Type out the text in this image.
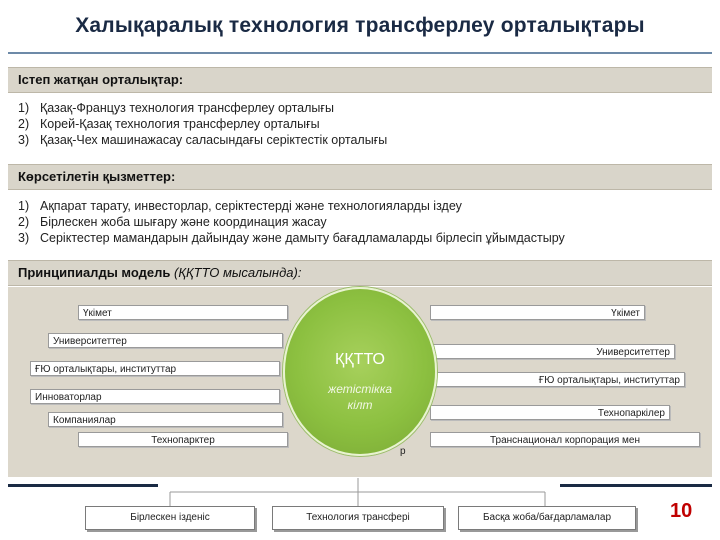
Халықаралық технология трансферлеу орталықтары
Істеп жатқан орталықтар:
1) Қазақ-Француз технология трансферлеу орталығы
2) Корей-Қазақ технология трансферлеу орталығы
3) Қазақ-Чех машинажасау саласындағы серіктестік орталығы
Көрсетілетін қызметтер:
1) Ақпарат тарату, инвесторлар, серіктестерді және технологияларды іздеу
2) Бірлескен жоба шығару және координация жасау
3) Серіктестер мамандарын дайындау және дамыту бағадламаларды бірлесіп ұйымдастыру
Принципиалды модель (ҚҚТТО мысалында):
Үкімет
Университеттер
ҒЮ орталықтары, институттар
Инноваторлар
Компаниялар
Технопарктер
Үкімет
Университеттер
ҒЮ орталықтары, институттар
Технопаркілер
Транснационал корпорация мен
р
ҚҚТТО
жетістікка
кілт
Бірлескен ізденіс	Технология трансфері	Басқа жоба/бағдарламалар	10
